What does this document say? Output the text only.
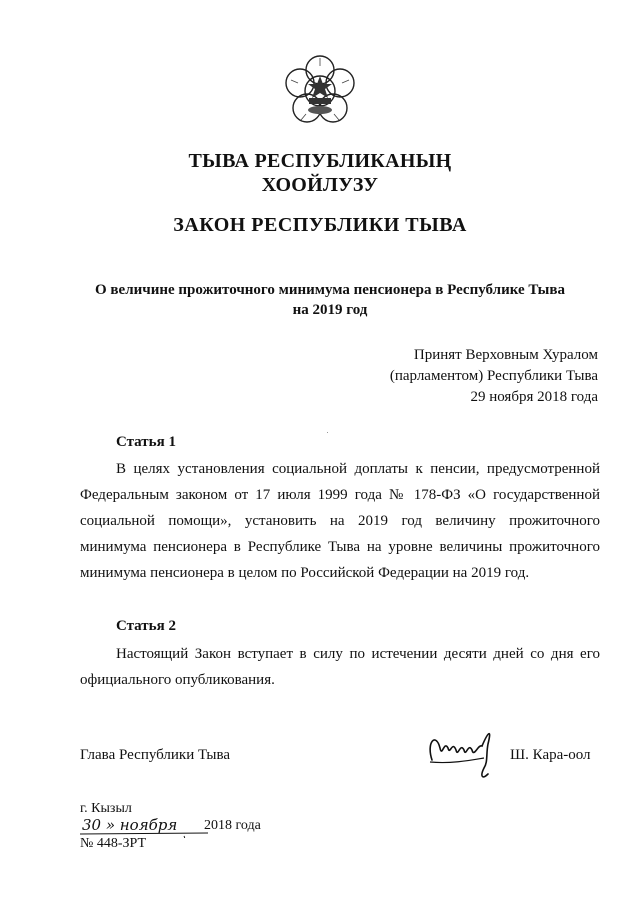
ТЫВА РЕСПУБЛИКАНЫҢ
ХООЙЛУЗУ
ЗАКОН РЕСПУБЛИКИ ТЫВА
О величине прожиточного минимума пенсионера в Республике Тыва
на 2019 год
Принят Верховным Хуралом
(парламентом) Республики Тыва
29 ноября 2018 года
Статья 1
В целях установления социальной доплаты к пенсии, предусмотренной
Федеральным законом от 17 июля 1999 года № 178-ФЗ «О государственной
социальной помощи», установить на 2019 год величину прожиточного
минимума пенсионера в Республике Тыва на уровне величины прожиточного
минимума пенсионера в целом по Российской Федерации на 2019 год.
Статья 2
Настоящий Закон вступает в силу по истечении десяти дней со дня его
официального опубликования.
Глава Республики Тыва	Ш. Кара-оол
г. Кызыл
30 » ноября 2018 года
№ 448-ЗРТ
